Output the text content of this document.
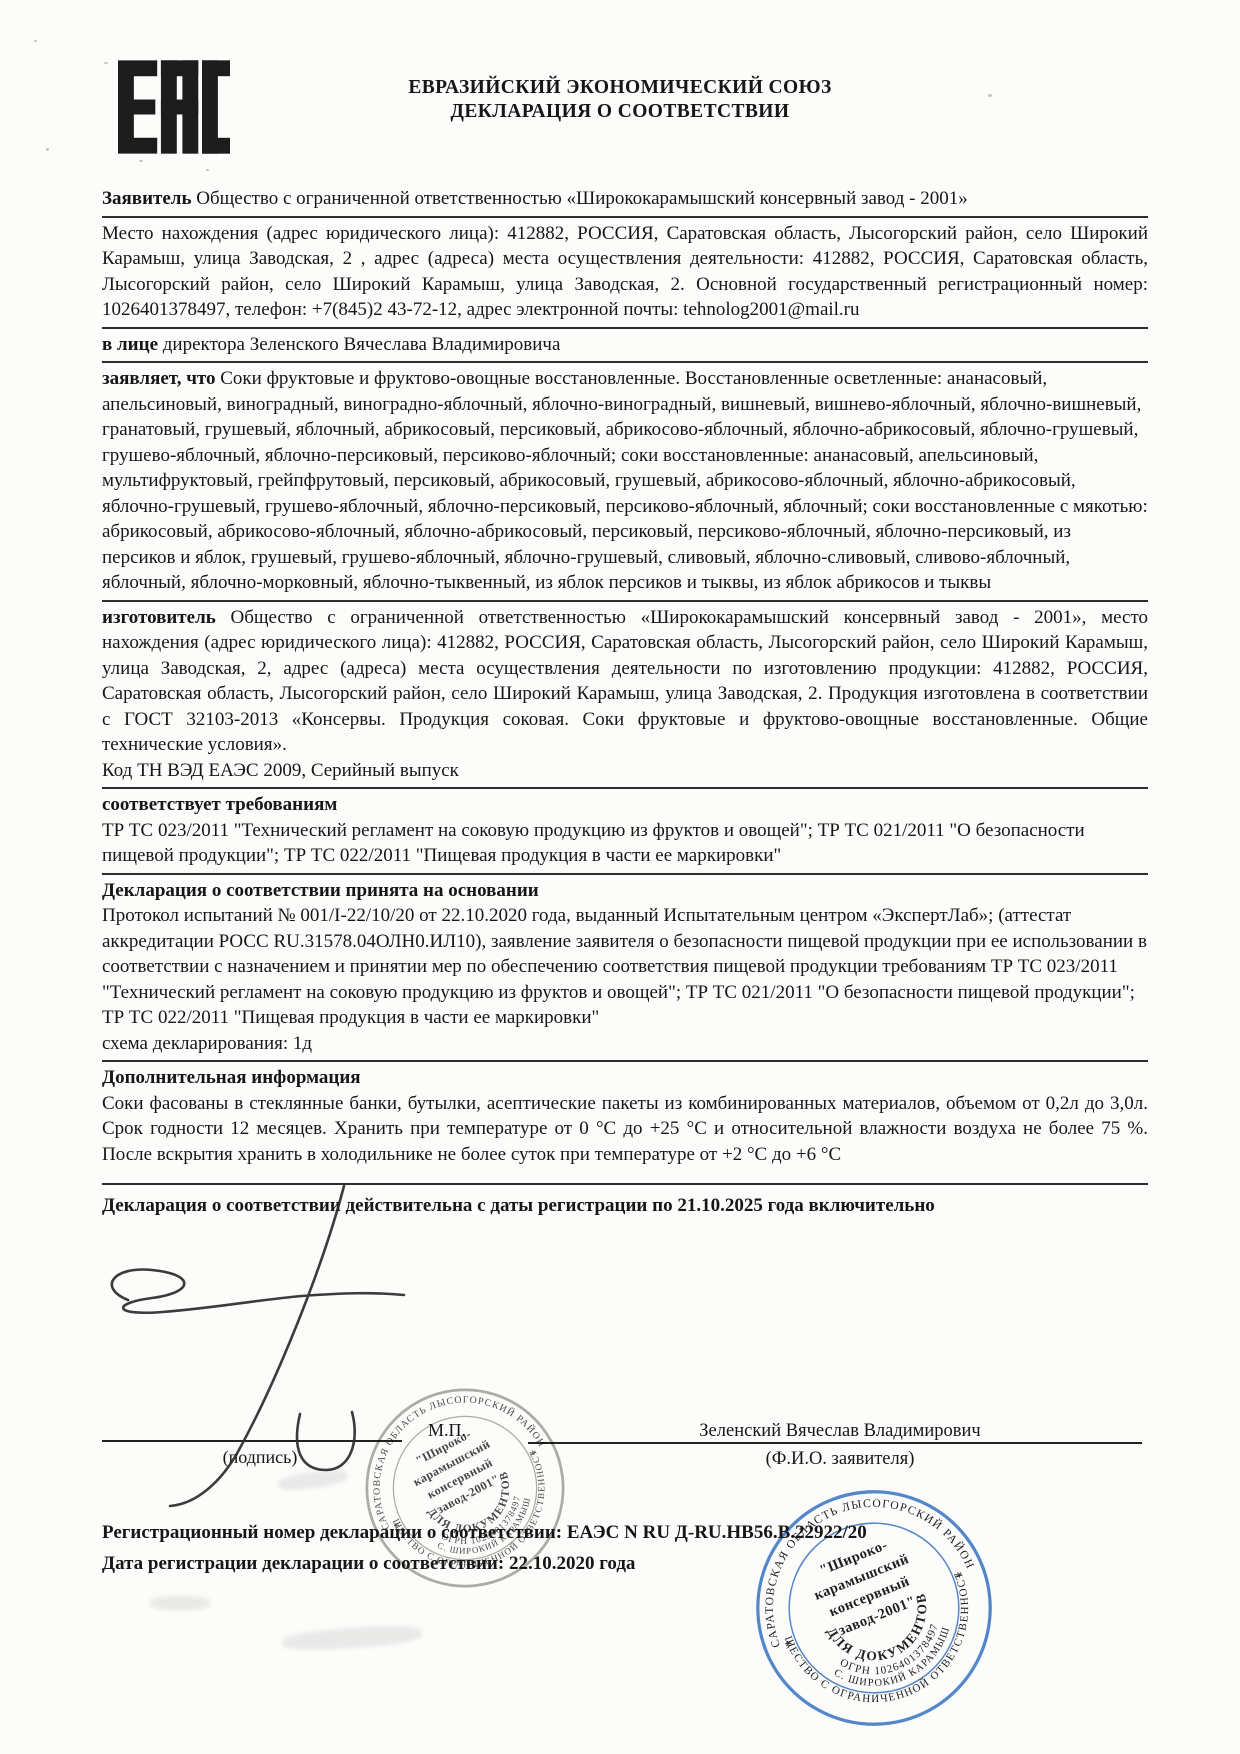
ЕВРАЗИЙСКИЙ ЭКОНОМИЧЕСКИЙ СОЮЗ

ДЕКЛАРАЦИЯ О СООТВЕТСТВИИ

Заявитель Общество с ограниченной ответственностью «Ширококарамышский консервный завод - 2001»

Место нахождения (адрес юридического лица): 412882, РОССИЯ, Саратовская область, Лысогорский район, село Широкий Карамыш, улица Заводская, 2 , адрес (адреса) места осуществления деятельности: 412882, РОССИЯ, Саратовская область, Лысогорский район, село Широкий Карамыш, улица Заводская, 2. Основной государственный регистрационный номер: 1026401378497, телефон: +7(845)2 43-72-12, адрес электронной почты: tehnolog2001@mail.ru

в лице директора Зеленского Вячеслава Владимировича

заявляет, что Соки фруктовые и фруктово-овощные восстановленные. Восстановленные осветленные: ананасовый, апельсиновый, виноградный, виноградно-яблочный, яблочно-виноградный, вишневый, вишнево-яблочный, яблочно-вишневый, гранатовый, грушевый, яблочный, абрикосовый, персиковый, абрикосово-яблочный, яблочно-абрикосовый, яблочно-грушевый, грушево-яблочный, яблочно-персиковый, персиково-яблочный; соки восстановленные: ананасовый, апельсиновый, мультифруктовый, грейпфрутовый, персиковый, абрикосовый, грушевый, абрикосово-яблочный, яблочно-абрикосовый, яблочно-грушевый, грушево-яблочный, яблочно-персиковый, персиково-яблочный, яблочный; соки восстановленные с мякотью: абрикосовый, абрикосово-яблочный, яблочно-абрикосовый, персиковый, персиково-яблочный, яблочно-персиковый, из персиков и яблок, грушевый, грушево-яблочный, яблочно-грушевый, сливовый, яблочно-сливовый, сливово-яблочный, яблочный, яблочно-морковный, яблочно-тыквенный, из яблок персиков и тыквы, из яблок абрикосов и тыквы

изготовитель Общество с ограниченной ответственностью «Ширококарамышский консервный завод - 2001», место нахождения (адрес юридического лица): 412882, РОССИЯ, Саратовская область, Лысогорский район, село Широкий Карамыш, улица Заводская, 2, адрес (адреса) места осуществления деятельности по изготовлению продукции: 412882, РОССИЯ, Саратовская область, Лысогорский район, село Широкий Карамыш, улица Заводская, 2. Продукция изготовлена в соответствии с ГОСТ 32103-2013 «Консервы. Продукция соковая. Соки фруктовые и фруктово-овощные восстановленные. Общие технические условия».

Код ТН ВЭД ЕАЭС 2009, Серийный выпуск

соответствует требованиям

ТР ТС 023/2011 "Технический регламент на соковую продукцию из фруктов и овощей"; ТР ТС 021/2011 "О безопасности пищевой продукции"; ТР ТС 022/2011 "Пищевая продукция в части ее маркировки"

Декларация о соответствии принята на основании

Протокол испытаний № 001/I-22/10/20 от 22.10.2020 года, выданный Испытательным центром «ЭкспертЛаб»; (аттестат аккредитации РОСС RU.31578.04ОЛН0.ИЛ10), заявление заявителя о безопасности пищевой продукции при ее использовании в соответствии с назначением и принятии мер по обеспечению соответствия пищевой продукции требованиям ТР ТС 023/2011 "Технический регламент на соковую продукцию из фруктов и овощей"; ТР ТС 021/2011 "О безопасности пищевой продукции"; ТР ТС 022/2011 "Пищевая продукция в части ее маркировки"

схема декларирования: 1д

Дополнительная информация

Соки фасованы в стеклянные банки, бутылки, асептические пакеты из комбинированных материалов, объемом от 0,2л до 3,0л. Срок годности 12 месяцев. Хранить при температуре от 0 °С до +25 °С и относительной влажности воздуха не более 75 %. После вскрытия хранить в холодильнике не более суток при температуре от +2 °С до +6 °С

Декларация о соответствии действительна с даты регистрации по 21.10.2025 года включительно

(подпись)
М.П.	Зеленский Вячеслав Владимирович
(Ф.И.О. заявителя)
Регистрационный номер декларации о соответствии: ЕАЭС N RU Д-RU.НВ56.В.22922/20
Дата регистрации декларации о соответствии: 22.10.2020 года
